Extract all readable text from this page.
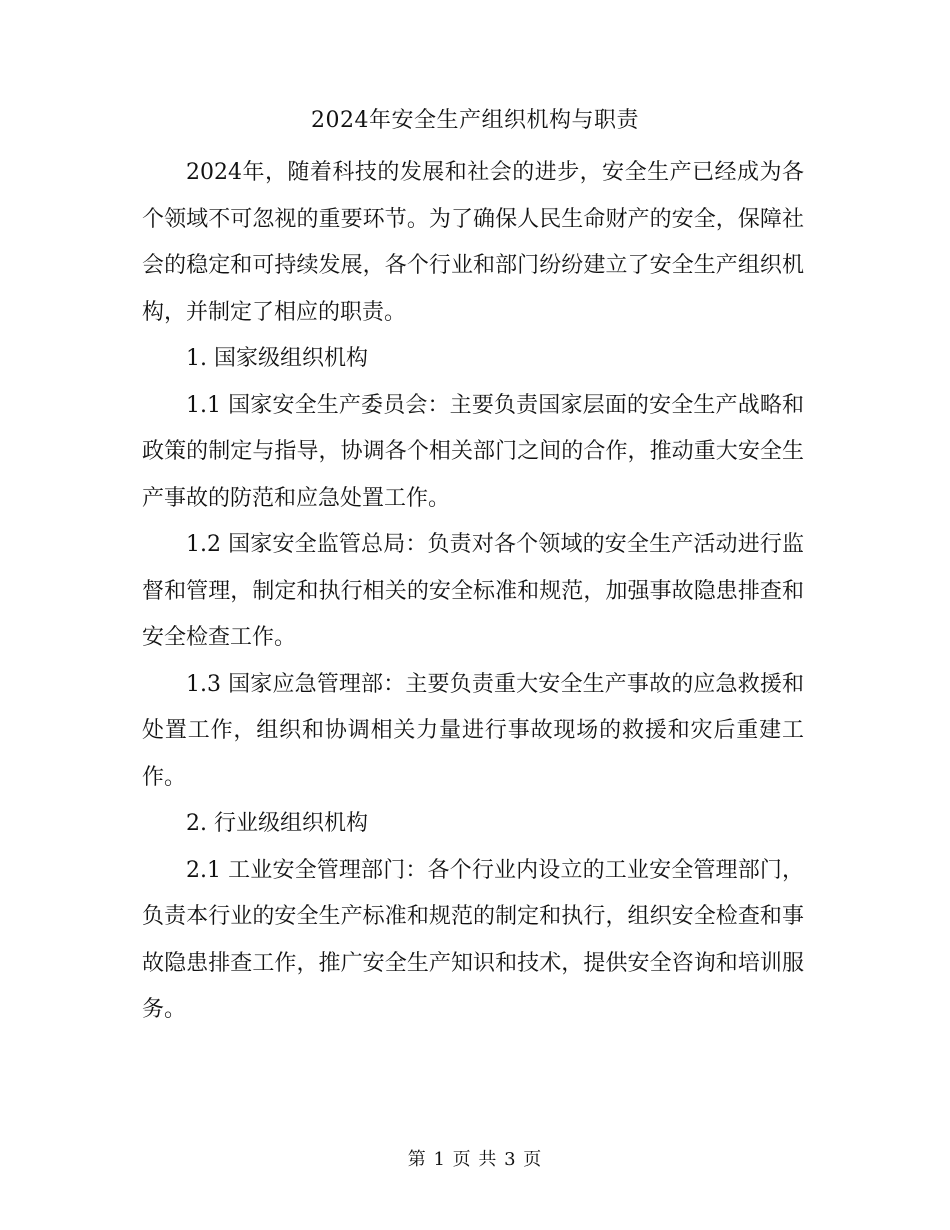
2024年安全生产组织机构与职责

2024年，随着科技的发展和社会的进步，安全生产已经成为各个领域不可忽视的重要环节。为了确保人民生命财产的安全，保障社会的稳定和可持续发展，各个行业和部门纷纷建立了安全生产组织机构，并制定了相应的职责。

1. 国家级组织机构

1.1 国家安全生产委员会：主要负责国家层面的安全生产战略和政策的制定与指导，协调各个相关部门之间的合作，推动重大安全生产事故的防范和应急处置工作。

1.2 国家安全监管总局：负责对各个领域的安全生产活动进行监督和管理，制定和执行相关的安全标准和规范，加强事故隐患排查和安全检查工作。

1.3 国家应急管理部：主要负责重大安全生产事故的应急救援和处置工作，组织和协调相关力量进行事故现场的救援和灾后重建工作。

2. 行业级组织机构

2.1 工业安全管理部门：各个行业内设立的工业安全管理部门，负责本行业的安全生产标准和规范的制定和执行，组织安全检查和事故隐患排查工作，推广安全生产知识和技术，提供安全咨询和培训服务。

第 1 页 共 3 页
